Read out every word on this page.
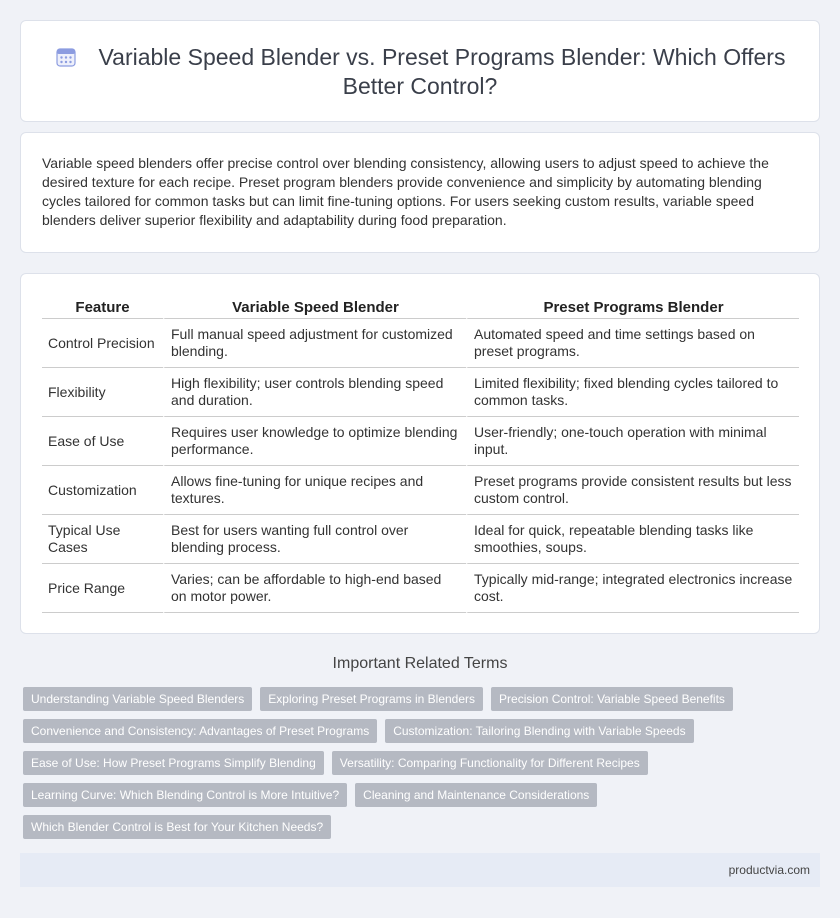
Variable Speed Blender vs. Preset Programs Blender: Which Offers Better Control?

Variable speed blenders offer precise control over blending consistency, allowing users to adjust speed to achieve the desired texture for each recipe. Preset program blenders provide convenience and simplicity by automating blending cycles tailored for common tasks but can limit fine-tuning options. For users seeking custom results, variable speed blenders deliver superior flexibility and adaptability during food preparation.

Feature	Variable Speed Blender	Preset Programs Blender
Control Precision	Full manual speed adjustment for customized blending.	Automated speed and time settings based on preset programs.
Flexibility	High flexibility; user controls blending speed and duration.	Limited flexibility; fixed blending cycles tailored to common tasks.
Ease of Use	Requires user knowledge to optimize blending performance.	User-friendly; one-touch operation with minimal input.
Customization	Allows fine-tuning for unique recipes and textures.	Preset programs provide consistent results but less custom control.
Typical Use Cases	Best for users wanting full control over blending process.	Ideal for quick, repeatable blending tasks like smoothies, soups.
Price Range	Varies; can be affordable to high-end based on motor power.	Typically mid-range; integrated electronics increase cost.
Important Related Terms
Understanding Variable Speed Blenders	Exploring Preset Programs in Blenders	Precision Control: Variable Speed Benefits
Convenience and Consistency: Advantages of Preset Programs	Customization: Tailoring Blending with Variable Speeds
Ease of Use: How Preset Programs Simplify Blending	Versatility: Comparing Functionality for Different Recipes
Learning Curve: Which Blending Control is More Intuitive?	Cleaning and Maintenance Considerations
Which Blender Control is Best for Your Kitchen Needs?
productvia.com
